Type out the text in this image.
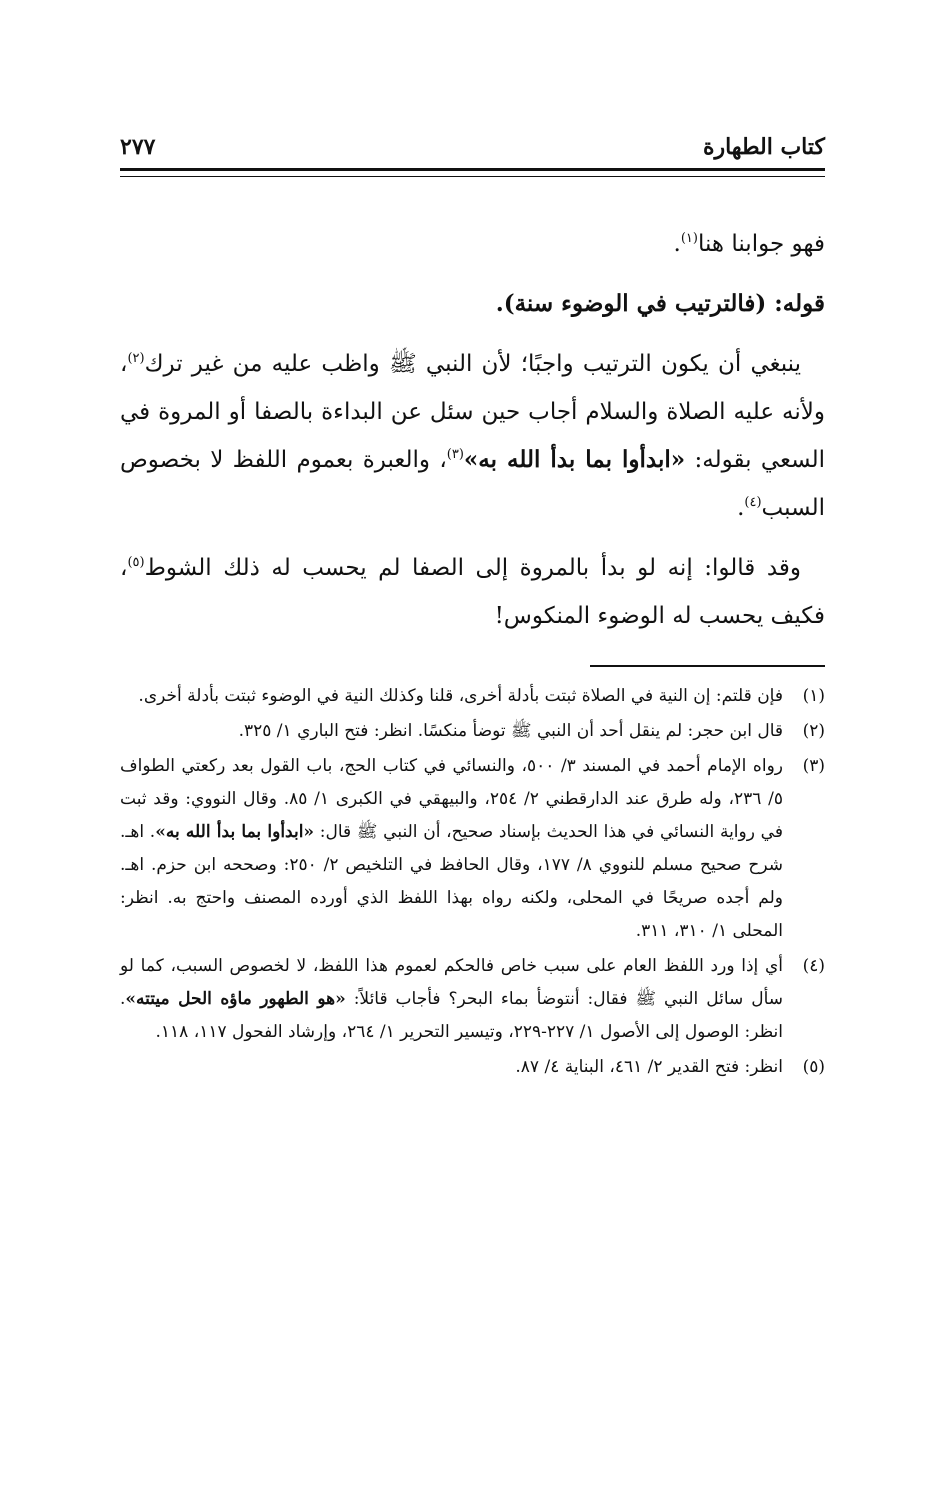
كتاب الطهارة
٢٧٧

فهو جوابنا هنا$^{(١)}$.

قوله: (فالترتيب في الوضوء سنة).

ينبغي أن يكون الترتيب واجبًا؛ لأن النبي ﷺ واظب عليه من غير ترك$^{(٢)}$، ولأنه عليه الصلاة والسلام أجاب حين سئل عن البداءة بالصفا أو المروة في السعي بقوله: «ابدأوا بما بدأ الله به»$^{(٣)}$، والعبرة بعموم اللفظ لا بخصوص السبب$^{(٤)}$.

وقد قالوا: إنه لو بدأ بالمروة إلى الصفا لم يحسب له ذلك الشوط$^{(٥)}$، فكيف يحسب له الوضوء المنكوس!

(١)
فإن قلتم: إن النية في الصلاة ثبتت بأدلة أخرى، قلنا وكذلك النية في الوضوء ثبتت بأدلة أخرى.
(٢)
قال ابن حجر: لم ينقل أحد أن النبي ﷺ توضأ منكسًا. انظر: فتح الباري ١/ ٣٢٥.
(٣)
رواه الإمام أحمد في المسند ٣/ ٥٠٠، والنسائي في كتاب الحج، باب القول بعد ركعتي الطواف ٥/ ٢٣٦، وله طرق عند الدارقطني ٢/ ٢٥٤، والبيهقي في الكبرى ١/ ٨٥. وقال النووي: وقد ثبت في رواية النسائي في هذا الحديث بإسناد صحيح، أن النبي ﷺ قال: «ابدأوا بما بدأ الله به». اهـ. شرح صحيح مسلم للنووي ٨/ ١٧٧، وقال الحافظ في التلخيص ٢/ ٢٥٠: وصححه ابن حزم. اهـ. ولم أجده صريحًا في المحلى، ولكنه رواه بهذا اللفظ الذي أورده المصنف واحتج به. انظر: المحلى ١/ ٣١٠، ٣١١.
(٤)
أي إذا ورد اللفظ العام على سبب خاص فالحكم لعموم هذا اللفظ، لا لخصوص السبب، كما لو سأل سائل النبي ﷺ فقال: أنتوضأ بماء البحر؟ فأجاب قائلاً: «هو الطهور ماؤه الحل ميتته». انظر: الوصول إلى الأصول ١/ ٢٢٧-٢٢٩، وتيسير التحرير ١/ ٢٦٤، وإرشاد الفحول ١١٧، ١١٨.
(٥)
انظر: فتح القدير ٢/ ٤٦١، البناية ٤/ ٨٧.
